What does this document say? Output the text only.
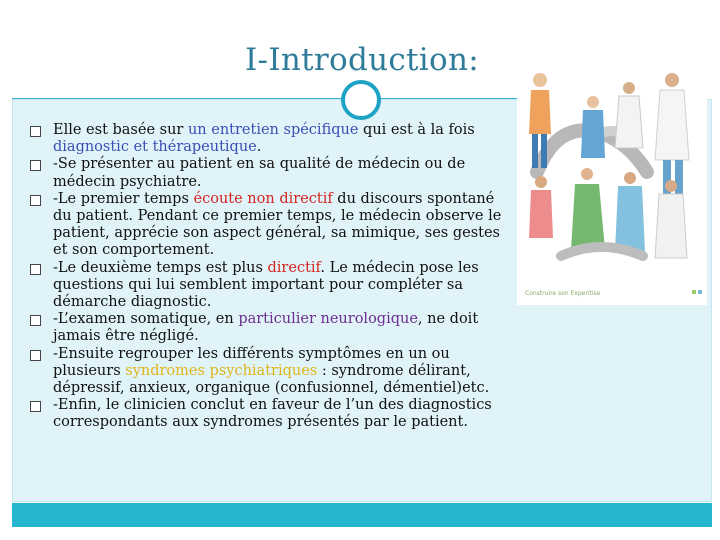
I-Introduction:
Elle est basée sur un entretien spécifique qui est à la fois diagnostic et thérapeutique.
-Se présenter au patient en sa qualité de médecin ou de médecin psychiatre.
-Le premier temps écoute non directif du discours spontané du patient. Pendant ce premier temps, le médecin observe le patient, apprécie son aspect général, sa mimique, ses gestes et son comportement.
-Le deuxième temps est plus directif. Le médecin pose les questions qui lui semblent important pour compléter sa démarche diagnostic.
-L’examen somatique, en particulier neurologique, ne doit jamais être négligé.
-Ensuite regrouper les différents symptômes en un ou plusieurs syndromes psychiatriques : syndrome délirant, dépressif, anxieux, organique (confusionnel, démentiel)etc.
-Enfin, le clinicien conclut en faveur de l’un des diagnostics correspondants aux syndromes présentés par le patient.
Construire son Experitise
